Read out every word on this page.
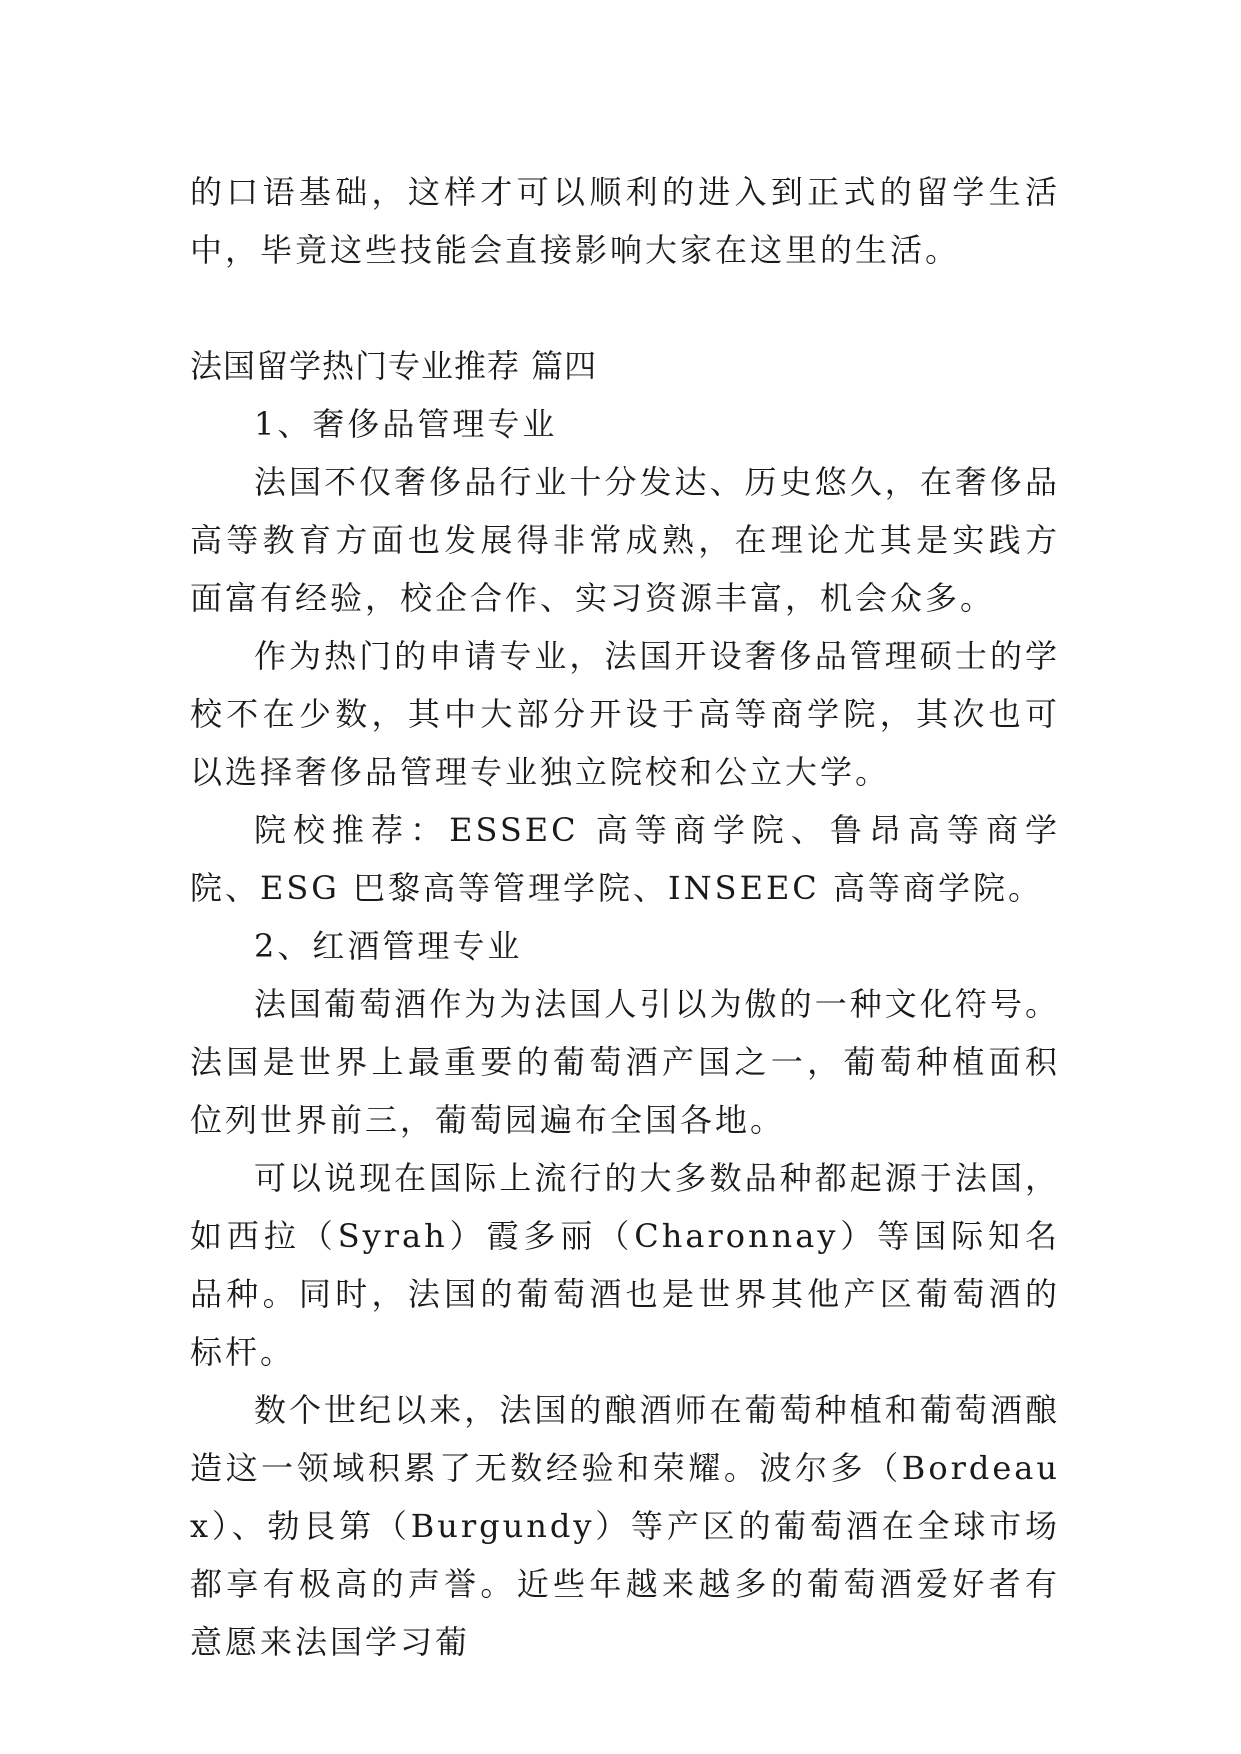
的口语基础，这样才可以顺利的进入到正式的留学生活中，毕竟这些技能会直接影响大家在这里的生活。

法国留学热门专业推荐 篇四

1、奢侈品管理专业

法国不仅奢侈品行业十分发达、历史悠久，在奢侈品高等教育方面也发展得非常成熟，在理论尤其是实践方面富有经验，校企合作、实习资源丰富，机会众多。

作为热门的申请专业，法国开设奢侈品管理硕士的学校不在少数，其中大部分开设于高等商学院，其次也可以选择奢侈品管理专业独立院校和公立大学。

院校推荐：ESSEC 高等商学院、鲁昂高等商学院、ESG 巴黎高等管理学院、INSEEC 高等商学院。

2、红酒管理专业

法国葡萄酒作为为法国人引以为傲的一种文化符号。法国是世界上最重要的葡萄酒产国之一，葡萄种植面积位列世界前三，葡萄园遍布全国各地。

可以说现在国际上流行的大多数品种都起源于法国，如西拉（Syrah）霞多丽（Charonnay）等国际知名品种。同时，法国的葡萄酒也是世界其他产区葡萄酒的标杆。

数个世纪以来，法国的酿酒师在葡萄种植和葡萄酒酿造这一领域积累了无数经验和荣耀。波尔多（Bordeaux）、勃艮第（Burgundy）等产区的葡萄酒在全球市场都享有极高的声誉。近些年越来越多的葡萄酒爱好者有意愿来法国学习葡
